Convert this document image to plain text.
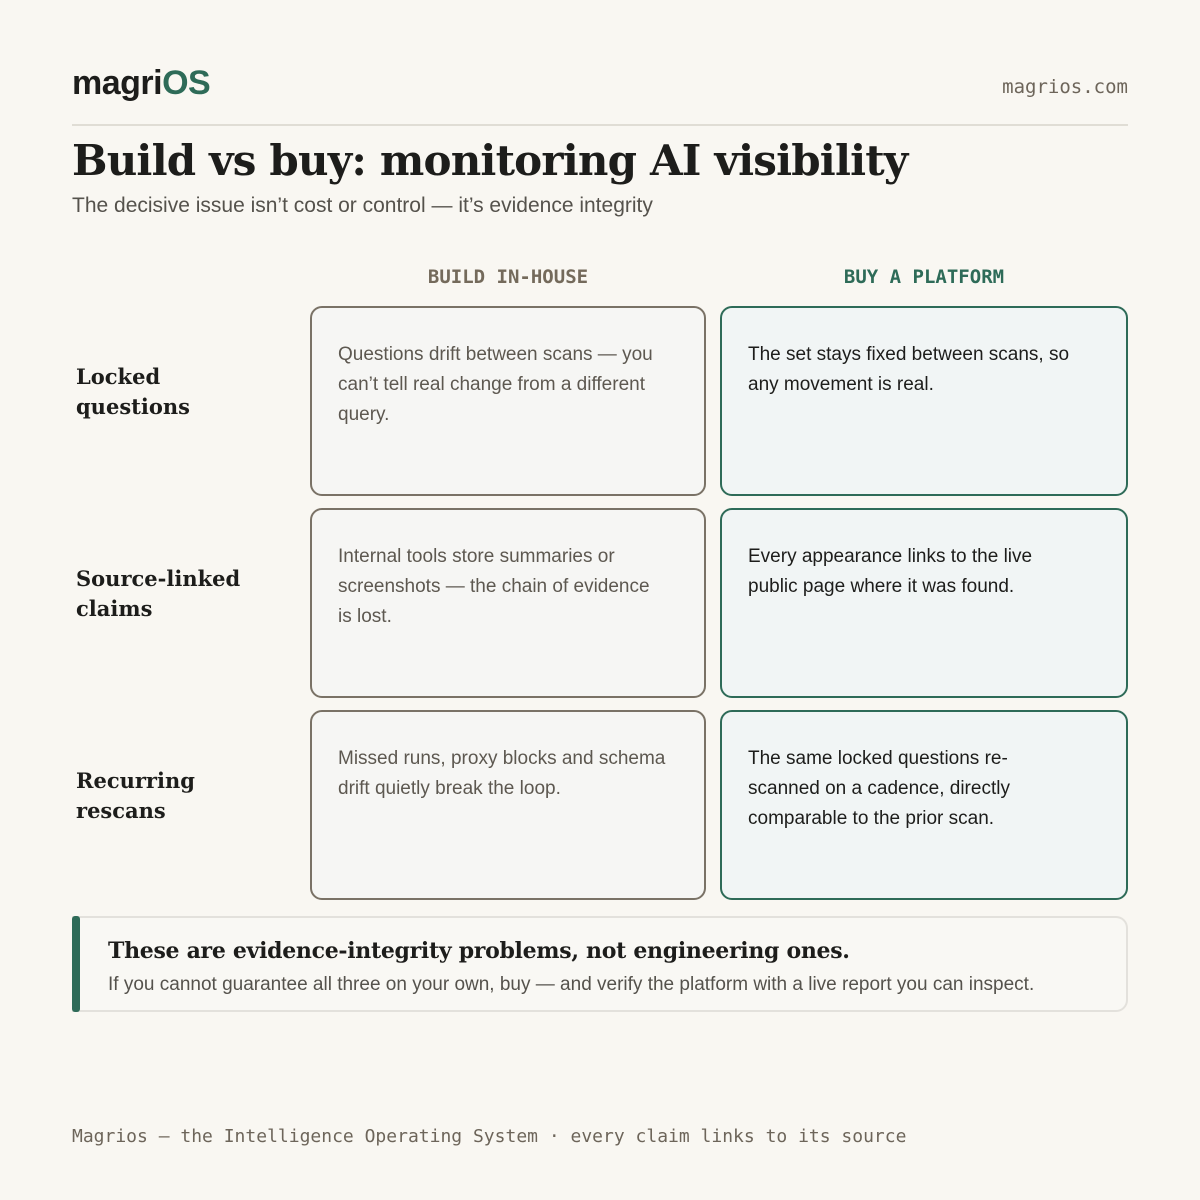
magriOS	magrios.com
Build vs buy: monitoring AI visibility
The decisive issue isn’t cost or control — it’s evidence integrity
BUILD IN-HOUSE	BUY A PLATFORM
Locked
questions
Questions drift between scans — you can’t tell real change from a different query.
The set stays fixed between scans, so any movement is real.
Source-linked
claims
Internal tools store summaries or screenshots — the chain of evidence is lost.
Every appearance links to the live public page where it was found.
Recurring
rescans
Missed runs, proxy blocks and schema drift quietly break the loop.
The same locked questions re-scanned on a cadence, directly comparable to the prior scan.
These are evidence-integrity problems, not engineering ones.
If you cannot guarantee all three on your own, buy — and verify the platform with a live report you can inspect.
Magrios — the Intelligence Operating System · every claim links to its source
